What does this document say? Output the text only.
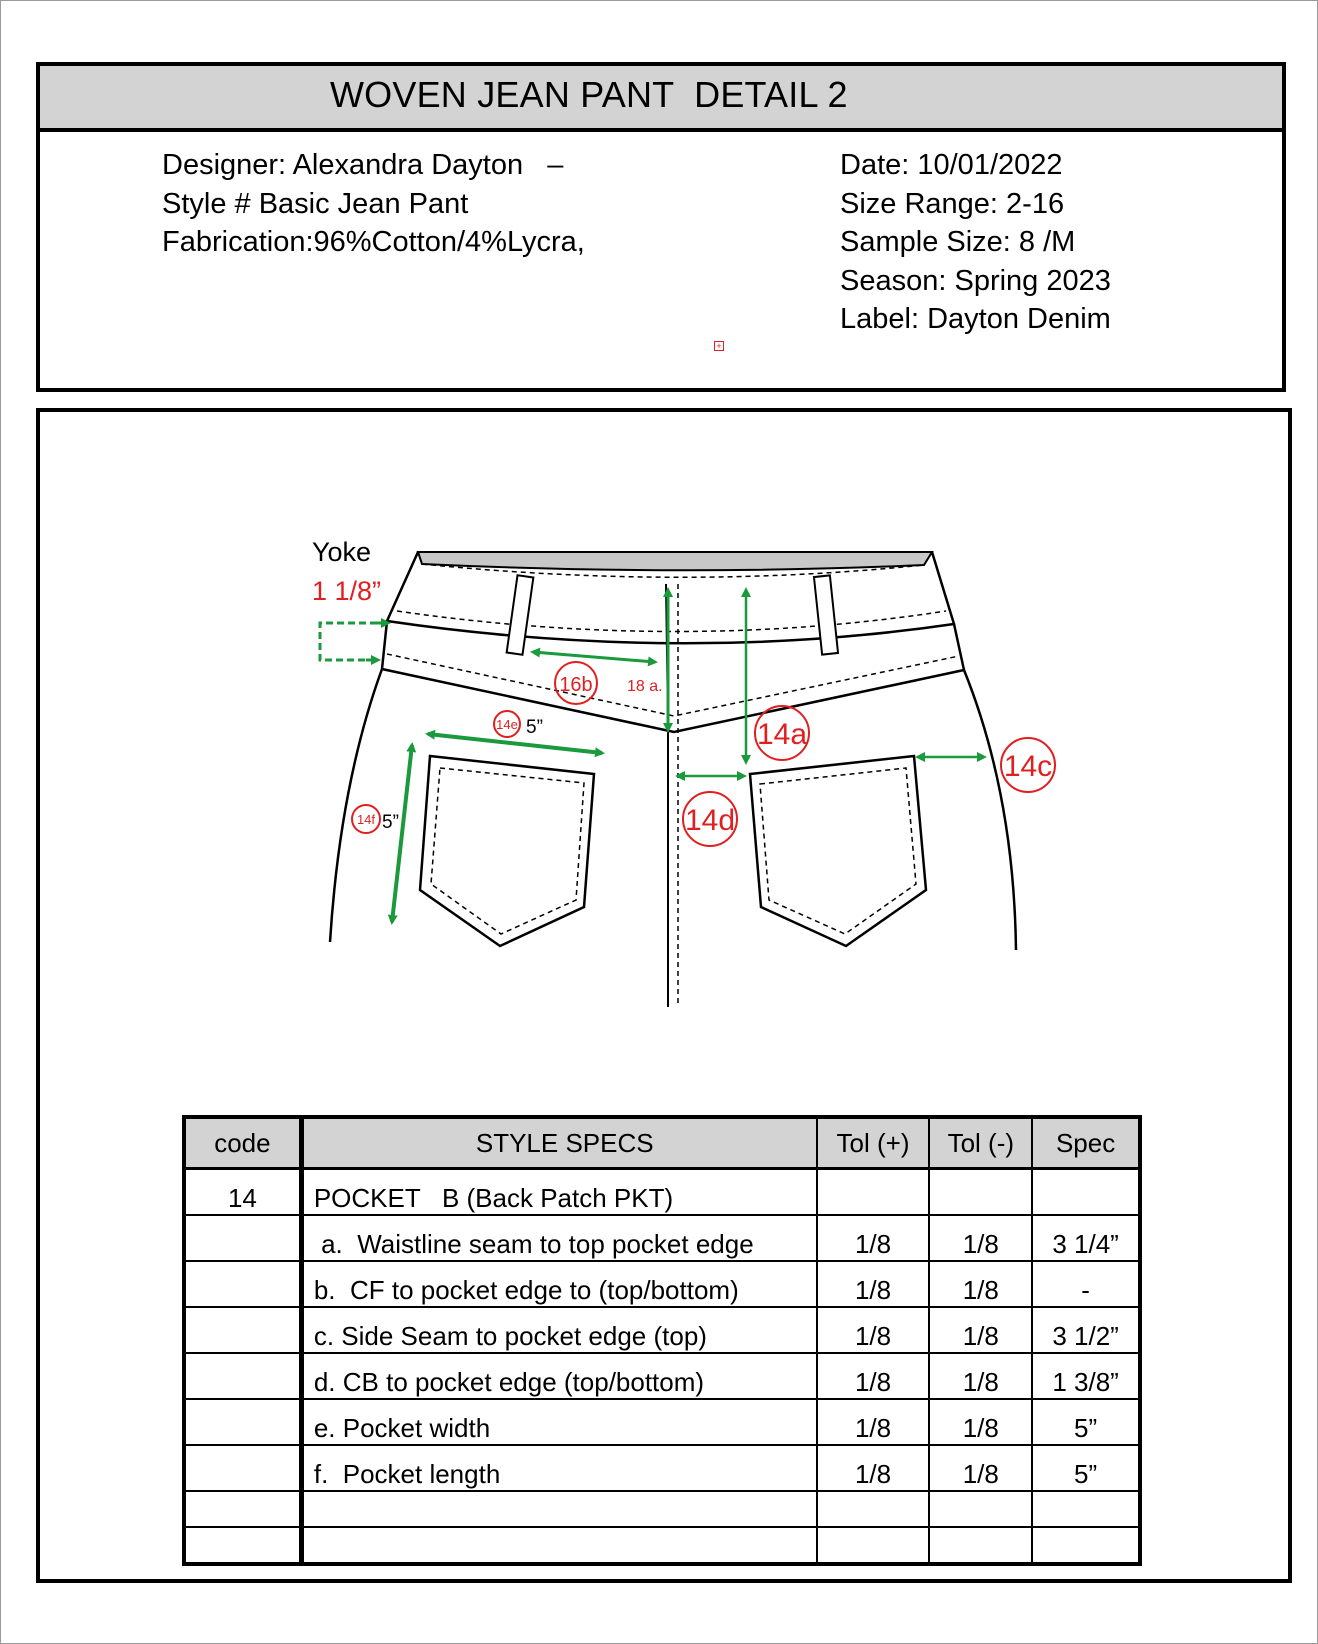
WOVEN JEAN PANT  DETAIL 2
Designer: Alexandra Dayton   –
Style # Basic Jean Pant
Fabrication:96%Cotton/4%Lycra,
Date: 10/01/2022
Size Range: 2-16
Sample Size: 8 /M
Season: Spring 2023
Label: Dayton Denim
+
Yoke
1 1/8”
16b 18 a.
14e 5”
14f 5”
14a
14c
14d
code	STYLE SPECS	Tol (+)	Tol (-)	Spec
14	POCKET   B (Back Patch PKT)			
	a.  Waistline seam to top pocket edge	1/8	1/8	3 1/4”
	b.  CF to pocket edge to (top/bottom)	1/8	1/8	-
	c. Side Seam to pocket edge (top)	1/8	1/8	3 1/2”
	d. CB to pocket edge (top/bottom)	1/8	1/8	1 3/8”
	e. Pocket width	1/8	1/8	5”
	f.  Pocket length	1/8	1/8	5”
